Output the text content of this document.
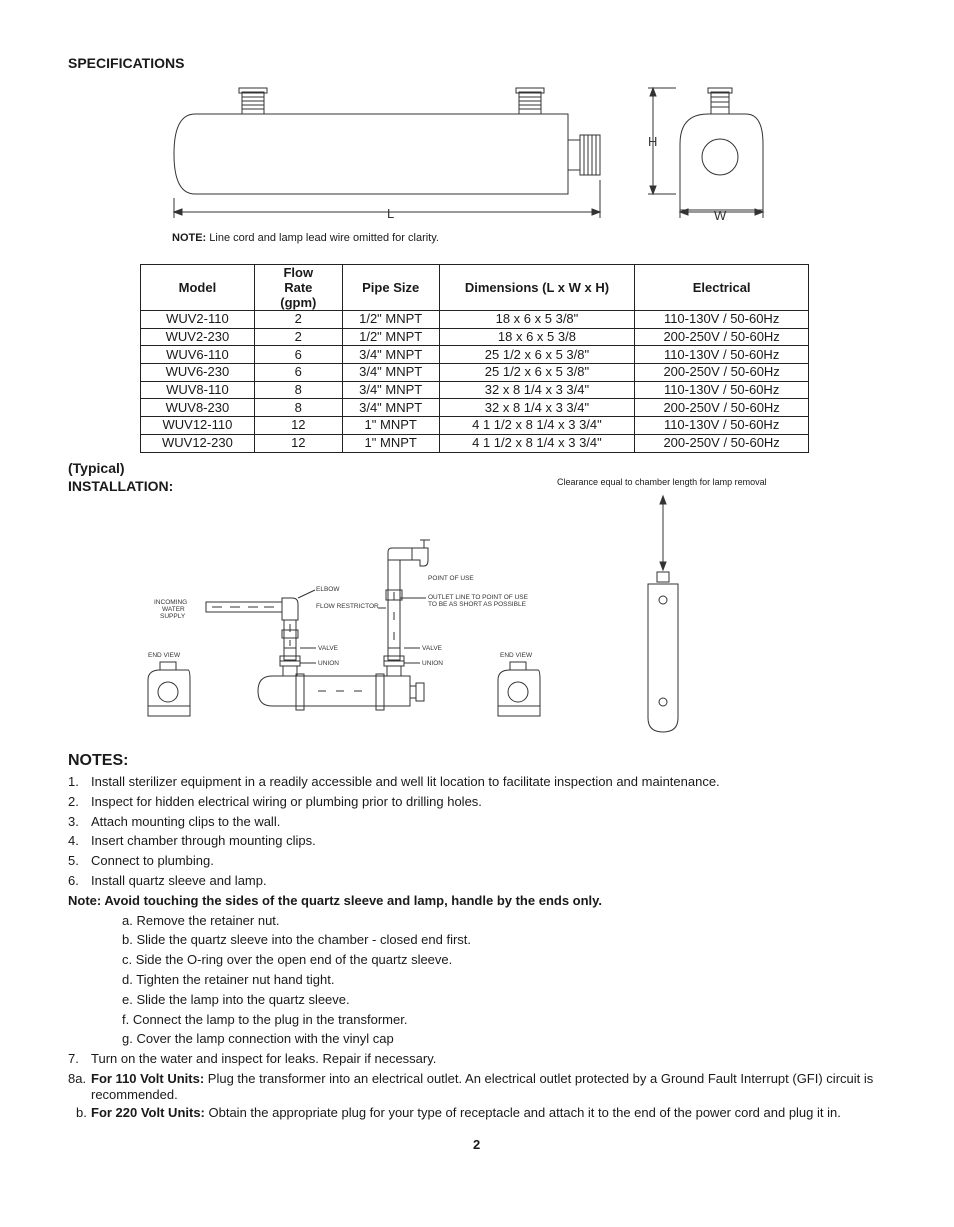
SPECIFICATIONS
L
H
W
NOTE: Line cord and lamp lead wire omitted for clarity.
Model	Flow Rate (gpm)	Pipe Size	Dimensions (L x W x H)	Electrical
WUV2-110	2	1/2" MNPT	18 x 6 x 5 3/8"	110-130V / 50-60Hz
WUV2-230	2	1/2" MNPT	18 x 6 x 5 3/8	200-250V / 50-60Hz
WUV6-110	6	3/4" MNPT	25 1/2 x 6 x 5 3/8"	110-130V / 50-60Hz
WUV6-230	6	3/4" MNPT	25 1/2 x 6 x 5 3/8"	200-250V / 50-60Hz
WUV8-110	8	3/4" MNPT	32 x 8 1/4 x 3 3/4"	110-130V / 50-60Hz
WUV8-230	8	3/4" MNPT	32 x 8 1/4 x 3 3/4"	200-250V / 50-60Hz
WUV12-110	12	1" MNPT	4 1 1/2 x 8 1/4 x 3 3/4"	110-130V / 50-60Hz
WUV12-230	12	1" MNPT	4 1 1/2 x 8 1/4 x 3 3/4"	200-250V / 50-60Hz
(Typical)
INSTALLATION:	Clearance equal to chamber length for lamp removal
INCOMING
WATER
SUPPLY
ELBOW
FLOW RESTRICTOR
POINT OF USE
OUTLET LINE TO POINT OF USE
TO BE AS SHORT AS POSSIBLE
VALVE
UNION
VALVE
UNION
END VIEW	END VIEW
NOTES:
1. Install sterilizer equipment in a readily accessible and well lit location to facilitate inspection and maintenance.
2. Inspect for hidden electrical wiring or plumbing prior to drilling holes.
3. Attach mounting clips to the wall.
4. Insert chamber through mounting clips.
5. Connect to plumbing.
6. Install quartz sleeve and lamp.
Note: Avoid touching the sides of the quartz sleeve and lamp, handle by the ends only.
a. Remove the retainer nut.
b. Slide the quartz sleeve into the chamber - closed end first.
c. Side the O-ring over the open end of the quartz sleeve.
d. Tighten the retainer nut hand tight.
e. Slide the lamp into the quartz sleeve.
f. Connect the lamp to the plug in the transformer.
g. Cover the lamp connection with the vinyl cap
7. Turn on the water and inspect for leaks. Repair if necessary.
8a. For 110 Volt Units: Plug the transformer into an electrical outlet. An electrical outlet protected by a Ground Fault Interrupt (GFI) circuit is recommended.
b. For 220 Volt Units: Obtain the appropriate plug for your type of receptacle and attach it to the end of the power cord and plug it in.
2
